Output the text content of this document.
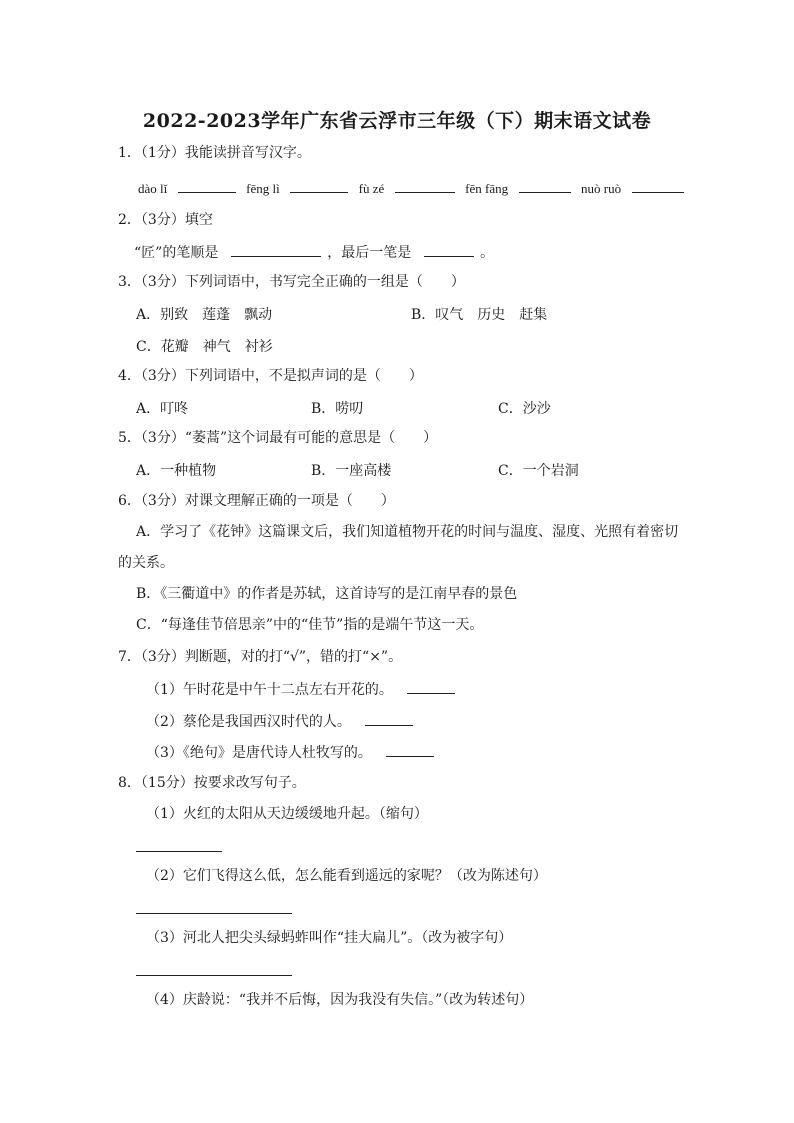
2022-2023学年广东省云浮市三年级（下）期末语文试卷
1．（1分）我能读拼音写汉字。
dào lǐ	fēng lì	fù zé	fēn fāng	nuò ruò
2．（3分）填空
“匠”的笔顺是	，最后一笔是	。
3．（3分）下列词语中，书写完全正确的一组是（　　）
A．别致　莲蓬　飘动	B．叹气　历史　赶集
C．花瓣　神气　衬衫
4．（3分）下列词语中，不是拟声词的是（　　）
A．叮咚	B．唠叨	C．沙沙
5．（3分）“萎蒿”这个词最有可能的意思是（　　）
A．一种植物	B．一座高楼	C．一个岩洞
6．（3分）对课文理解正确的一项是（　　）
A．学习了《花钟》这篇课文后，我们知道植物开花的时间与温度、湿度、光照有着密切
的关系。
B．《三衢道中》的作者是苏轼，这首诗写的是江南早春的景色
C．“每逢佳节倍思亲”中的“佳节”指的是端午节这一天。
7．（3分）判断题，对的打“√”，错的打“×”。
（1）午时花是中午十二点左右开花的。
（2）蔡伦是我国西汉时代的人。
（3）《绝句》是唐代诗人杜牧写的。
8．（15分）按要求改写句子。
（1）火红的太阳从天边缓缓地升起。（缩句）
（2）它们飞得这么低，怎么能看到遥远的家呢？（改为陈述句）
（3）河北人把尖头绿蚂蚱叫作“挂大扁儿”。（改为被字句）
（4）庆龄说：“我并不后悔，因为我没有失信。”（改为转述句）
